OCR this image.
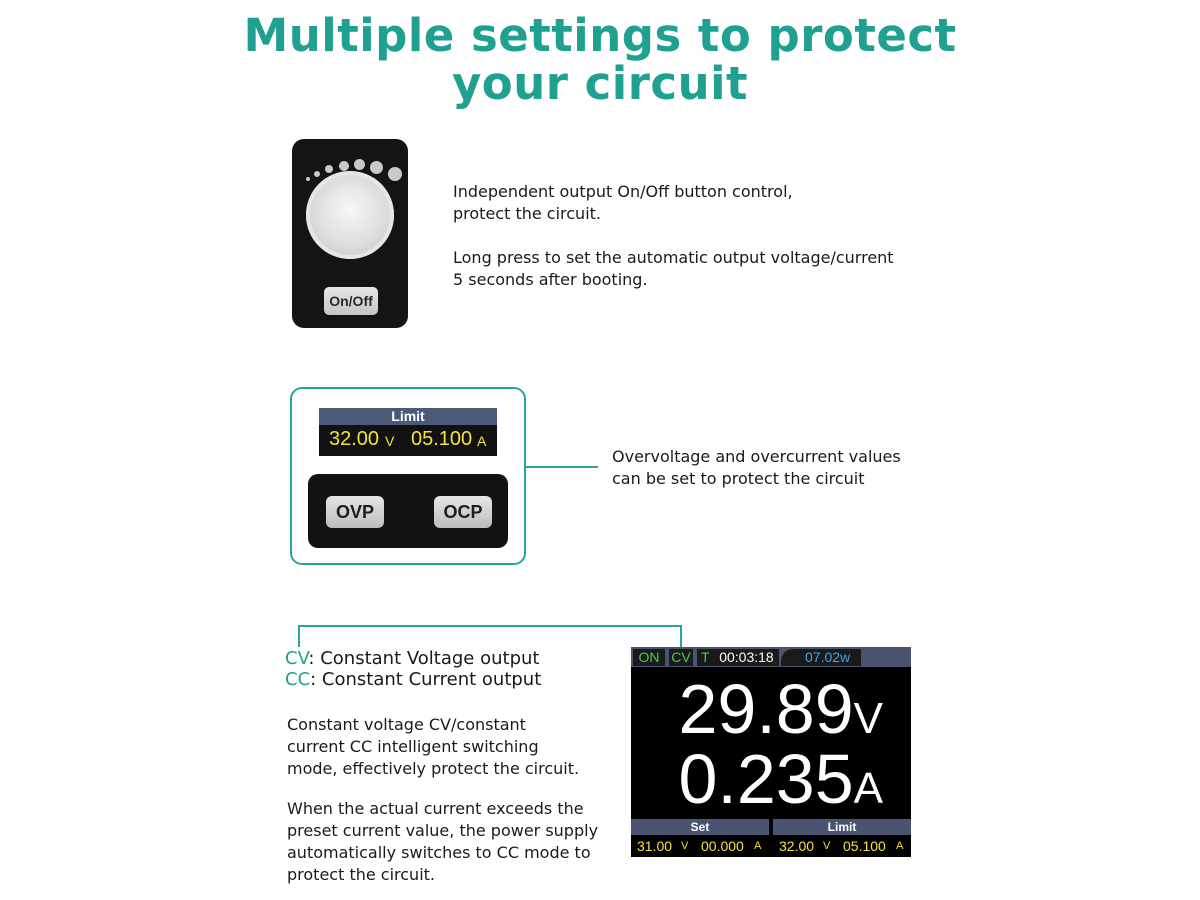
Multiple settings to protect
your circuit
On/Off
Independent output On/Off button control,
protect the circuit.
Long press to set the automatic output voltage/current
5 seconds after booting.
Limit
32.00 V 05.100 A
OVP	OCP
Overvoltage and overcurrent values
can be set to protect the circuit
CV: Constant Voltage output
CC: Constant Current output
Constant voltage CV/constant
current CC intelligent switching
mode, effectively protect the circuit.
When the actual current exceeds the
preset current value, the power supply
automatically switches to CC mode to
protect the circuit.
ON CV T 00:03:18	07.02w
29.89V
0.235A
Set
31.00 V 00.000 A
Limit
32.00 V 05.100 A
